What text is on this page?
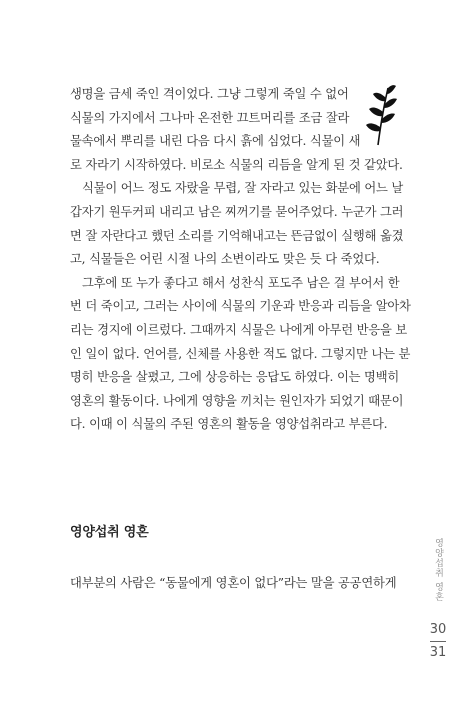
생명을 금세 죽인 격이었다. 그냥 그렇게 죽일 수 없어

식물의 가지에서 그나마 온전한 끄트머리를 조금 잘라

물속에서 뿌리를 내린 다음 다시 흙에 심었다. 식물이 새

로 자라기 시작하였다. 비로소 식물의 리듬을 알게 된 것 같았다.

식물이 어느 정도 자랐을 무렵, 잘 자라고 있는 화분에 어느 날

갑자기 원두커피 내리고 남은 찌꺼기를 묻어주었다. 누군가 그러

면 잘 자란다고 했던 소리를 기억해내고는 뜬금없이 실행해 옮겼

고, 식물들은 어린 시절 나의 소변이라도 맞은 듯 다 죽었다.

그후에 또 누가 좋다고 해서 성찬식 포도주 남은 걸 부어서 한

번 더 죽이고, 그러는 사이에 식물의 기운과 반응과 리듬을 알아차

리는 경지에 이르렀다. 그때까지 식물은 나에게 아무런 반응을 보

인 일이 없다. 언어를, 신체를 사용한 적도 없다. 그렇지만 나는 분

명히 반응을 살폈고, 그에 상응하는 응답도 하였다. 이는 명백히

영혼의 활동이다. 나에게 영향을 끼치는 원인자가 되었기 때문이

다. 이때 이 식물의 주된 영혼의 활동을 영양섭취라고 부른다.

영양섭취 영혼

대부분의 사람은 “동물에게 영혼이 없다”라는 말을 공공연하게	영양섭취 영혼
30
31
